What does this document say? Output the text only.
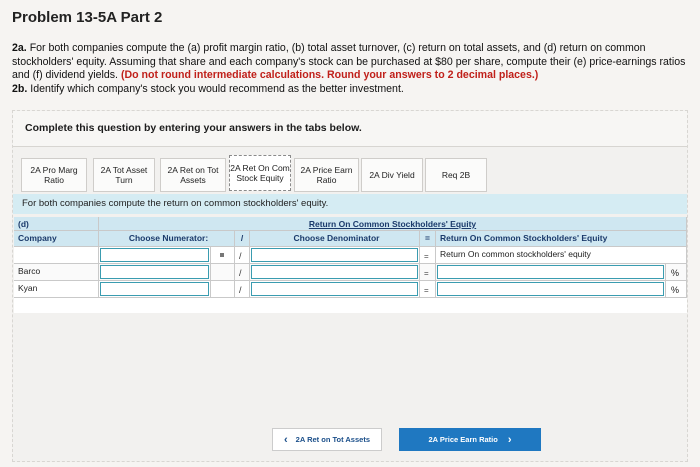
Problem 13-5A Part 2
2a. For both companies compute the (a) profit margin ratio, (b) total asset turnover, (c) return on total assets, and (d) return on common stockholders' equity. Assuming that share and each company's stock can be purchased at $80 per share, compute their (e) price-earnings ratios and (f) dividend yields. (Do not round intermediate calculations. Round your answers to 2 decimal places.)
2b. Identify which company's stock you would recommend as the better investment.
Complete this question by entering your answers in the tabs below.
2A Pro Marg Ratio
2A Tot Asset Turn
2A Ret on Tot Assets
2A Ret On Com Stock Equity
2A Price Earn Ratio	2A Div Yield	Req 2B
For both companies compute the return on common stockholders' equity.
(d)	Return On Common Stockholders' Equity
Company	Choose Numerator:	/	Choose Denominator	=	Return On Common Stockholders' Equity
/	=	Return On common stockholders' equity
Barco	/	=	%
Kyan	/	=	%
‹ 2A Ret on Tot Assets	2A Price Earn Ratio ›
